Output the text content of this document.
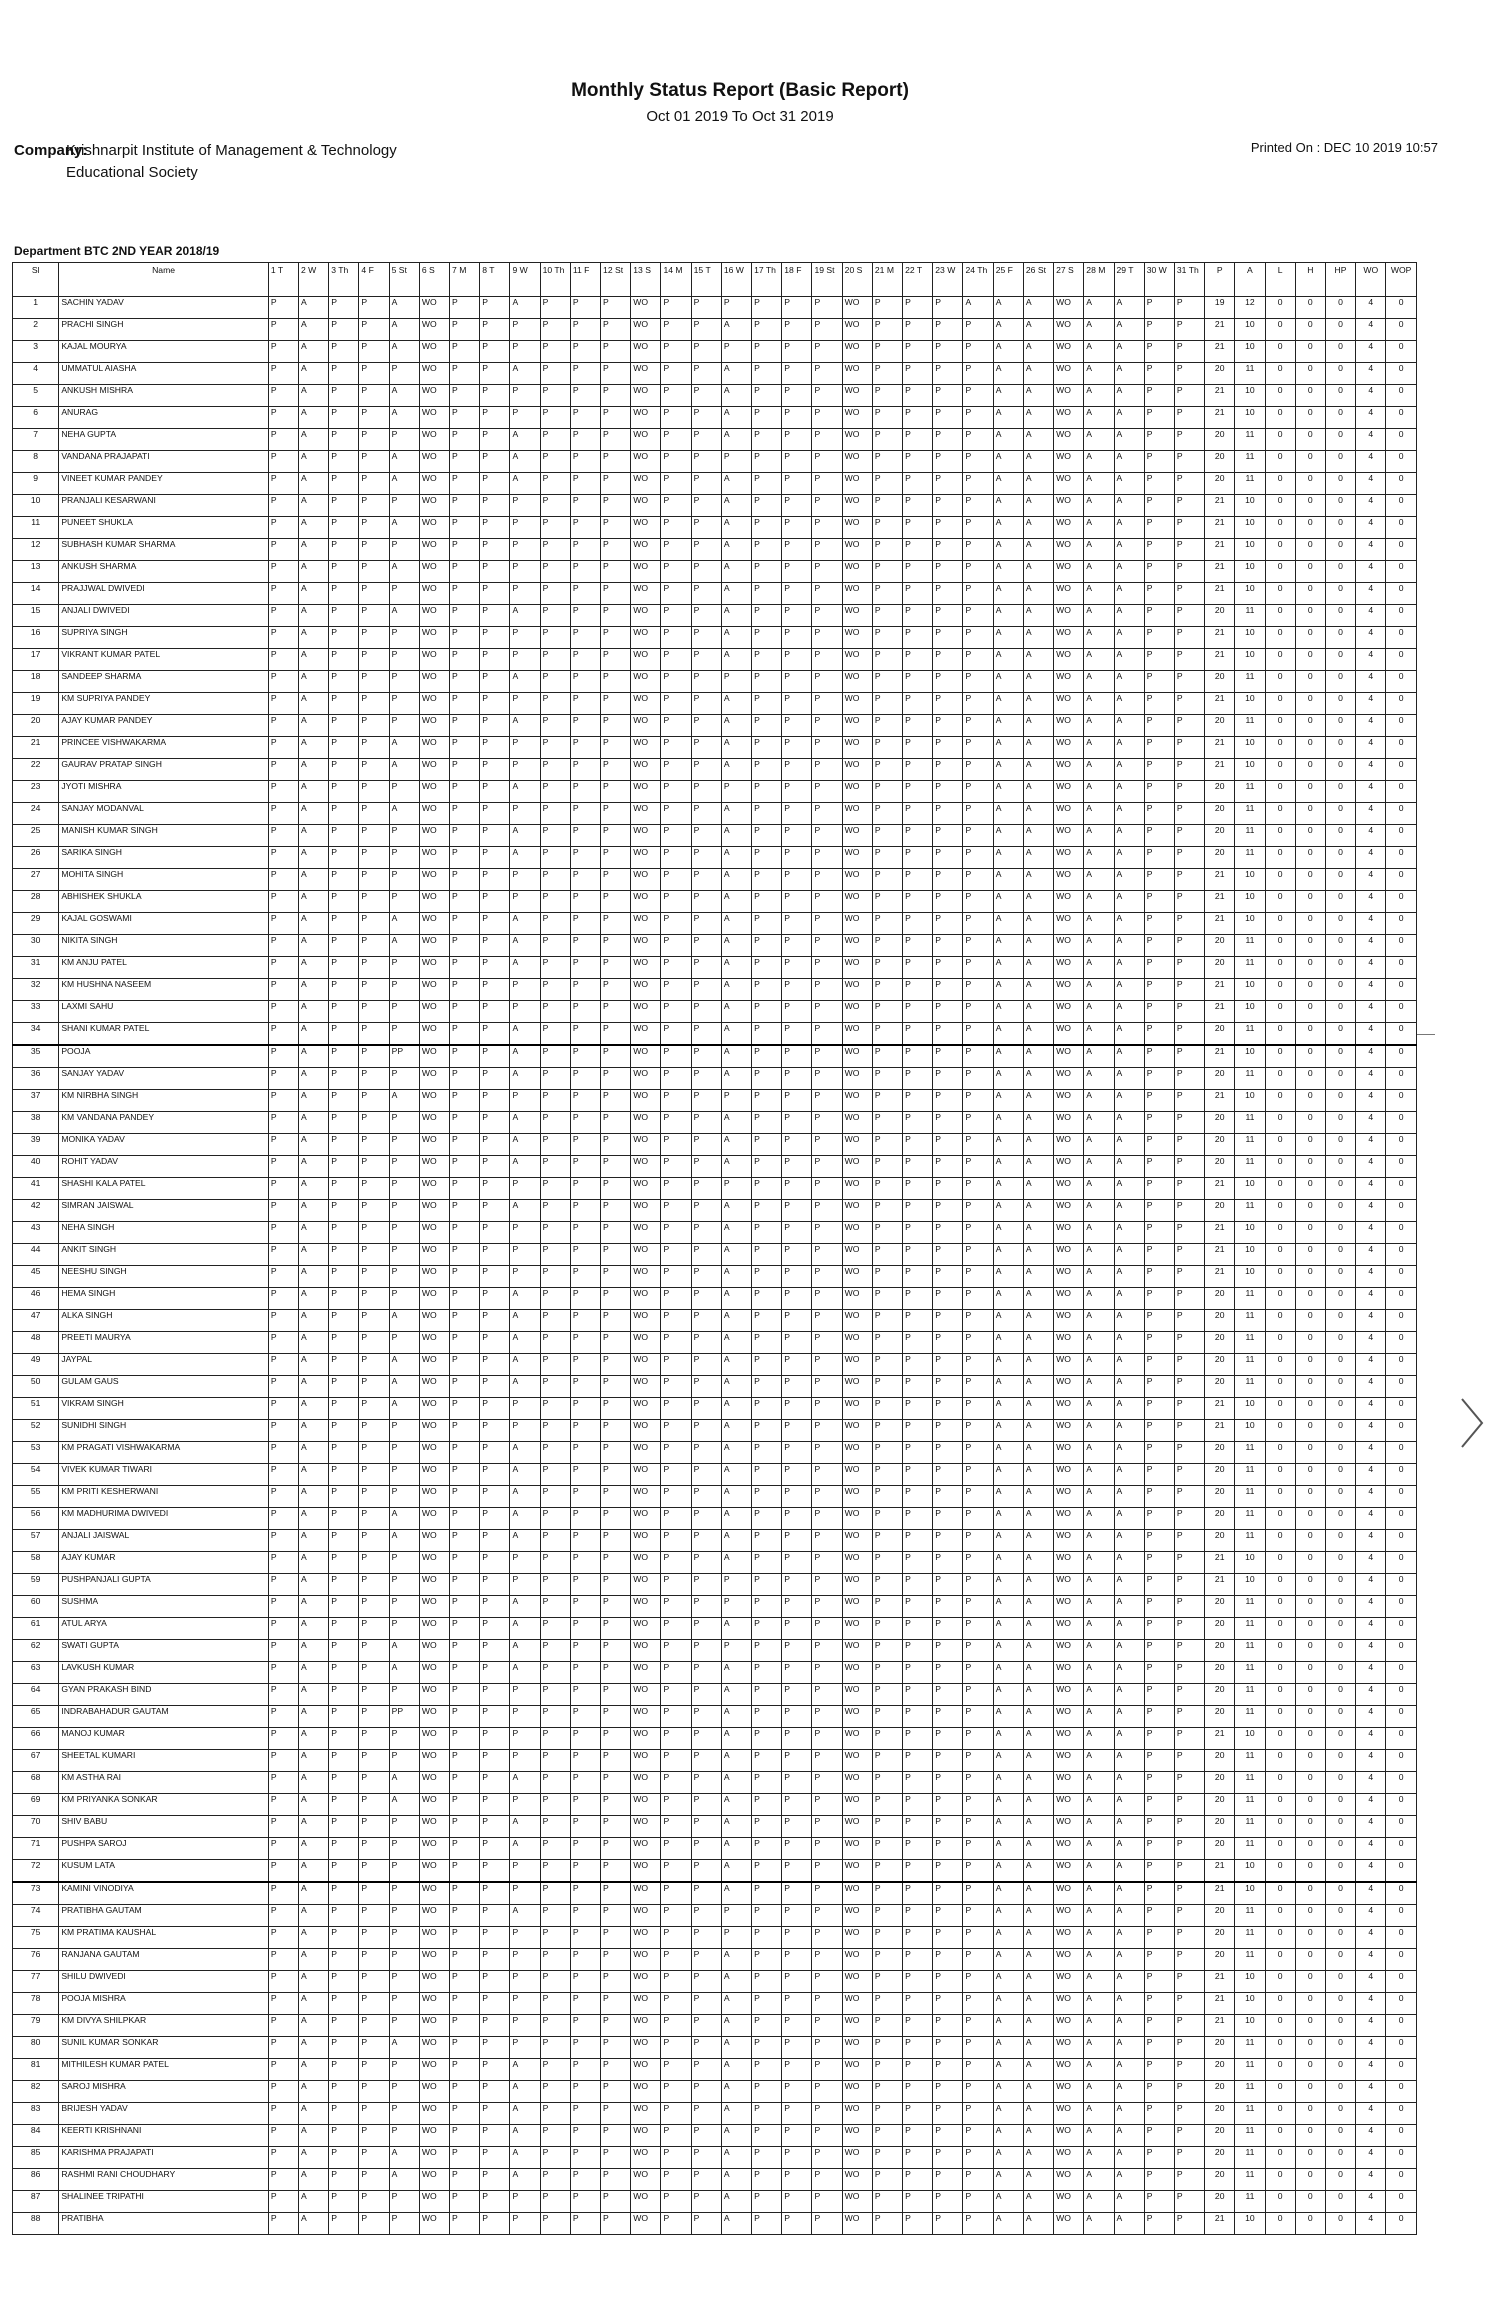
Monthly Status Report (Basic Report)
Oct 01 2019 To Oct 31 2019
Company:
Krishnarpit Institute of Management & Technology Educational Society
Printed On : DEC 10 2019 10:57
Department BTC 2ND YEAR 2018/19
Sl	Name	1 T	2 W	3 Th	4 F	5 St	6 S	7 M	8 T	9 W	10 Th	11 F	12 St	13 S	14 M	15 T	16 W	17 Th	18 F	19 St	20 S	21 M	22 T	23 W	24 Th	25 F	26 St	27 S	28 M	29 T	30 W	31 Th	P	A	L	H	HP	WO	WOP
1	SACHIN YADAV	P	A	P	P	A	WO	P	P	A	P	P	P	WO	P	P	P	P	P	P	WO	P	P	P	A	A	A	WO	A	A	P	P	19	12	0	0	0	4	0
2	PRACHI SINGH	P	A	P	P	A	WO	P	P	P	P	P	P	WO	P	P	A	P	P	P	WO	P	P	P	P	A	A	WO	A	A	P	P	21	10	0	0	0	4	0
3	KAJAL MOURYA	P	A	P	P	A	WO	P	P	P	P	P	P	WO	P	P	P	P	P	P	WO	P	P	P	P	A	A	WO	A	A	P	P	21	10	0	0	0	4	0
4	UMMATUL AIASHA	P	A	P	P	P	WO	P	P	A	P	P	P	WO	P	P	A	P	P	P	WO	P	P	P	P	A	A	WO	A	A	P	P	20	11	0	0	0	4	0
5	ANKUSH MISHRA	P	A	P	P	A	WO	P	P	P	P	P	P	WO	P	P	A	P	P	P	WO	P	P	P	P	A	A	WO	A	A	P	P	21	10	0	0	0	4	0
6	ANURAG	P	A	P	P	A	WO	P	P	P	P	P	P	WO	P	P	A	P	P	P	WO	P	P	P	P	A	A	WO	A	A	P	P	21	10	0	0	0	4	0
7	NEHA GUPTA	P	A	P	P	P	WO	P	P	A	P	P	P	WO	P	P	A	P	P	P	WO	P	P	P	P	A	A	WO	A	A	P	P	20	11	0	0	0	4	0
8	VANDANA PRAJAPATI	P	A	P	P	A	WO	P	P	A	P	P	P	WO	P	P	P	P	P	P	WO	P	P	P	P	A	A	WO	A	A	P	P	20	11	0	0	0	4	0
9	VINEET KUMAR PANDEY	P	A	P	P	A	WO	P	P	A	P	P	P	WO	P	P	A	P	P	P	WO	P	P	P	P	A	A	WO	A	A	P	P	20	11	0	0	0	4	0
10	PRANJALI KESARWANI	P	A	P	P	P	WO	P	P	P	P	P	P	WO	P	P	A	P	P	P	WO	P	P	P	P	A	A	WO	A	A	P	P	21	10	0	0	0	4	0
11	PUNEET SHUKLA	P	A	P	P	A	WO	P	P	P	P	P	P	WO	P	P	A	P	P	P	WO	P	P	P	P	A	A	WO	A	A	P	P	21	10	0	0	0	4	0
12	SUBHASH KUMAR SHARMA	P	A	P	P	P	WO	P	P	P	P	P	P	WO	P	P	A	P	P	P	WO	P	P	P	P	A	A	WO	A	A	P	P	21	10	0	0	0	4	0
13	ANKUSH SHARMA	P	A	P	P	A	WO	P	P	P	P	P	P	WO	P	P	A	P	P	P	WO	P	P	P	P	A	A	WO	A	A	P	P	21	10	0	0	0	4	0
14	PRAJJWAL DWIVEDI	P	A	P	P	P	WO	P	P	P	P	P	P	WO	P	P	A	P	P	P	WO	P	P	P	P	A	A	WO	A	A	P	P	21	10	0	0	0	4	0
15	ANJALI DWIVEDI	P	A	P	P	A	WO	P	P	A	P	P	P	WO	P	P	A	P	P	P	WO	P	P	P	P	A	A	WO	A	A	P	P	20	11	0	0	0	4	0
16	SUPRIYA SINGH	P	A	P	P	P	WO	P	P	P	P	P	P	WO	P	P	A	P	P	P	WO	P	P	P	P	A	A	WO	A	A	P	P	21	10	0	0	0	4	0
17	VIKRANT KUMAR PATEL	P	A	P	P	P	WO	P	P	P	P	P	P	WO	P	P	A	P	P	P	WO	P	P	P	P	A	A	WO	A	A	P	P	21	10	0	0	0	4	0
18	SANDEEP SHARMA	P	A	P	P	P	WO	P	P	A	P	P	P	WO	P	P	P	P	P	P	WO	P	P	P	P	A	A	WO	A	A	P	P	20	11	0	0	0	4	0
19	KM SUPRIYA PANDEY	P	A	P	P	P	WO	P	P	P	P	P	P	WO	P	P	A	P	P	P	WO	P	P	P	P	A	A	WO	A	A	P	P	21	10	0	0	0	4	0
20	AJAY KUMAR PANDEY	P	A	P	P	P	WO	P	P	A	P	P	P	WO	P	P	A	P	P	P	WO	P	P	P	P	A	A	WO	A	A	P	P	20	11	0	0	0	4	0
21	PRINCEE VISHWAKARMA	P	A	P	P	A	WO	P	P	P	P	P	P	WO	P	P	A	P	P	P	WO	P	P	P	P	A	A	WO	A	A	P	P	21	10	0	0	0	4	0
22	GAURAV PRATAP SINGH	P	A	P	P	A	WO	P	P	P	P	P	P	WO	P	P	A	P	P	P	WO	P	P	P	P	A	A	WO	A	A	P	P	21	10	0	0	0	4	0
23	JYOTI MISHRA	P	A	P	P	P	WO	P	P	A	P	P	P	WO	P	P	P	P	P	P	WO	P	P	P	P	A	A	WO	A	A	P	P	20	11	0	0	0	4	0
24	SANJAY MODANVAL	P	A	P	P	A	WO	P	P	P	P	P	P	WO	P	P	A	P	P	P	WO	P	P	P	P	A	A	WO	A	A	P	P	20	11	0	0	0	4	0
25	MANISH KUMAR SINGH	P	A	P	P	P	WO	P	P	A	P	P	P	WO	P	P	A	P	P	P	WO	P	P	P	P	A	A	WO	A	A	P	P	20	11	0	0	0	4	0
26	SARIKA SINGH	P	A	P	P	P	WO	P	P	A	P	P	P	WO	P	P	A	P	P	P	WO	P	P	P	P	A	A	WO	A	A	P	P	20	11	0	0	0	4	0
27	MOHITA SINGH	P	A	P	P	P	WO	P	P	P	P	P	P	WO	P	P	A	P	P	P	WO	P	P	P	P	A	A	WO	A	A	P	P	21	10	0	0	0	4	0
28	ABHISHEK SHUKLA	P	A	P	P	P	WO	P	P	P	P	P	P	WO	P	P	A	P	P	P	WO	P	P	P	P	A	A	WO	A	A	P	P	21	10	0	0	0	4	0
29	KAJAL GOSWAMI	P	A	P	P	A	WO	P	P	A	P	P	P	WO	P	P	A	P	P	P	WO	P	P	P	P	A	A	WO	A	A	P	P	21	10	0	0	0	4	0
30	NIKITA SINGH	P	A	P	P	A	WO	P	P	A	P	P	P	WO	P	P	A	P	P	P	WO	P	P	P	P	A	A	WO	A	A	P	P	20	11	0	0	0	4	0
31	KM ANJU PATEL	P	A	P	P	P	WO	P	P	A	P	P	P	WO	P	P	A	P	P	P	WO	P	P	P	P	A	A	WO	A	A	P	P	20	11	0	0	0	4	0
32	KM HUSHNA NASEEM	P	A	P	P	P	WO	P	P	P	P	P	P	WO	P	P	A	P	P	P	WO	P	P	P	P	A	A	WO	A	A	P	P	21	10	0	0	0	4	0
33	LAXMI SAHU	P	A	P	P	P	WO	P	P	P	P	P	P	WO	P	P	A	P	P	P	WO	P	P	P	P	A	A	WO	A	A	P	P	21	10	0	0	0	4	0
34	SHANI KUMAR PATEL	P	A	P	P	P	WO	P	P	A	P	P	P	WO	P	P	A	P	P	P	WO	P	P	P	P	A	A	WO	A	A	P	P	20	11	0	0	0	4	0
35	POOJA	P	A	P	P	PP	WO	P	P	A	P	P	P	WO	P	P	A	P	P	P	WO	P	P	P	P	A	A	WO	A	A	P	P	21	10	0	0	0	4	0
36	SANJAY YADAV	P	A	P	P	P	WO	P	P	A	P	P	P	WO	P	P	A	P	P	P	WO	P	P	P	P	A	A	WO	A	A	P	P	20	11	0	0	0	4	0
37	KM NIRBHA SINGH	P	A	P	P	A	WO	P	P	P	P	P	P	WO	P	P	P	P	P	P	WO	P	P	P	P	A	A	WO	A	A	P	P	21	10	0	0	0	4	0
38	KM VANDANA PANDEY	P	A	P	P	P	WO	P	P	A	P	P	P	WO	P	P	A	P	P	P	WO	P	P	P	P	A	A	WO	A	A	P	P	20	11	0	0	0	4	0
39	MONIKA YADAV	P	A	P	P	P	WO	P	P	A	P	P	P	WO	P	P	A	P	P	P	WO	P	P	P	P	A	A	WO	A	A	P	P	20	11	0	0	0	4	0
40	ROHIT YADAV	P	A	P	P	P	WO	P	P	A	P	P	P	WO	P	P	A	P	P	P	WO	P	P	P	P	A	A	WO	A	A	P	P	20	11	0	0	0	4	0
41	SHASHI KALA PATEL	P	A	P	P	P	WO	P	P	P	P	P	P	WO	P	P	P	P	P	P	WO	P	P	P	P	A	A	WO	A	A	P	P	21	10	0	0	0	4	0
42	SIMRAN JAISWAL	P	A	P	P	P	WO	P	P	A	P	P	P	WO	P	P	A	P	P	P	WO	P	P	P	P	A	A	WO	A	A	P	P	20	11	0	0	0	4	0
43	NEHA SINGH	P	A	P	P	P	WO	P	P	P	P	P	P	WO	P	P	A	P	P	P	WO	P	P	P	P	A	A	WO	A	A	P	P	21	10	0	0	0	4	0
44	ANKIT SINGH	P	A	P	P	P	WO	P	P	P	P	P	P	WO	P	P	A	P	P	P	WO	P	P	P	P	A	A	WO	A	A	P	P	21	10	0	0	0	4	0
45	NEESHU SINGH	P	A	P	P	P	WO	P	P	P	P	P	P	WO	P	P	A	P	P	P	WO	P	P	P	P	A	A	WO	A	A	P	P	21	10	0	0	0	4	0
46	HEMA SINGH	P	A	P	P	P	WO	P	P	A	P	P	P	WO	P	P	A	P	P	P	WO	P	P	P	P	A	A	WO	A	A	P	P	20	11	0	0	0	4	0
47	ALKA SINGH	P	A	P	P	A	WO	P	P	A	P	P	P	WO	P	P	A	P	P	P	WO	P	P	P	P	A	A	WO	A	A	P	P	20	11	0	0	0	4	0
48	PREETI MAURYA	P	A	P	P	P	WO	P	P	A	P	P	P	WO	P	P	A	P	P	P	WO	P	P	P	P	A	A	WO	A	A	P	P	20	11	0	0	0	4	0
49	JAYPAL	P	A	P	P	A	WO	P	P	A	P	P	P	WO	P	P	A	P	P	P	WO	P	P	P	P	A	A	WO	A	A	P	P	20	11	0	0	0	4	0
50	GULAM GAUS	P	A	P	P	A	WO	P	P	A	P	P	P	WO	P	P	A	P	P	P	WO	P	P	P	P	A	A	WO	A	A	P	P	20	11	0	0	0	4	0
51	VIKRAM SINGH	P	A	P	P	A	WO	P	P	P	P	P	P	WO	P	P	A	P	P	P	WO	P	P	P	P	A	A	WO	A	A	P	P	21	10	0	0	0	4	0
52	SUNIDHI SINGH	P	A	P	P	P	WO	P	P	P	P	P	P	WO	P	P	A	P	P	P	WO	P	P	P	P	A	A	WO	A	A	P	P	21	10	0	0	0	4	0
53	KM PRAGATI VISHWAKARMA	P	A	P	P	P	WO	P	P	A	P	P	P	WO	P	P	A	P	P	P	WO	P	P	P	P	A	A	WO	A	A	P	P	20	11	0	0	0	4	0
54	VIVEK KUMAR TIWARI	P	A	P	P	P	WO	P	P	A	P	P	P	WO	P	P	A	P	P	P	WO	P	P	P	P	A	A	WO	A	A	P	P	20	11	0	0	0	4	0
55	KM PRITI KESHERWANI	P	A	P	P	P	WO	P	P	A	P	P	P	WO	P	P	A	P	P	P	WO	P	P	P	P	A	A	WO	A	A	P	P	20	11	0	0	0	4	0
56	KM MADHURIMA DWIVEDI	P	A	P	P	A	WO	P	P	A	P	P	P	WO	P	P	A	P	P	P	WO	P	P	P	P	A	A	WO	A	A	P	P	20	11	0	0	0	4	0
57	ANJALI JAISWAL	P	A	P	P	A	WO	P	P	A	P	P	P	WO	P	P	A	P	P	P	WO	P	P	P	P	A	A	WO	A	A	P	P	20	11	0	0	0	4	0
58	AJAY KUMAR	P	A	P	P	P	WO	P	P	P	P	P	P	WO	P	P	A	P	P	P	WO	P	P	P	P	A	A	WO	A	A	P	P	21	10	0	0	0	4	0
59	PUSHPANJALI GUPTA	P	A	P	P	P	WO	P	P	P	P	P	P	WO	P	P	P	P	P	P	WO	P	P	P	P	A	A	WO	A	A	P	P	21	10	0	0	0	4	0
60	SUSHMA	P	A	P	P	P	WO	P	P	A	P	P	P	WO	P	P	P	P	P	P	WO	P	P	P	P	A	A	WO	A	A	P	P	20	11	0	0	0	4	0
61	ATUL ARYA	P	A	P	P	P	WO	P	P	A	P	P	P	WO	P	P	A	P	P	P	WO	P	P	P	P	A	A	WO	A	A	P	P	20	11	0	0	0	4	0
62	SWATI GUPTA	P	A	P	P	A	WO	P	P	A	P	P	P	WO	P	P	P	P	P	P	WO	P	P	P	P	A	A	WO	A	A	P	P	20	11	0	0	0	4	0
63	LAVKUSH KUMAR	P	A	P	P	A	WO	P	P	A	P	P	P	WO	P	P	A	P	P	P	WO	P	P	P	P	A	A	WO	A	A	P	P	20	11	0	0	0	4	0
64	GYAN PRAKASH BIND	P	A	P	P	P	WO	P	P	P	P	P	P	WO	P	P	A	P	P	P	WO	P	P	P	P	A	A	WO	A	A	P	P	20	11	0	0	0	4	0
65	INDRABAHADUR GAUTAM	P	A	P	P	PP	WO	P	P	P	P	P	P	WO	P	P	A	P	P	P	WO	P	P	P	P	A	A	WO	A	A	P	P	20	11	0	0	0	4	0
66	MANOJ KUMAR	P	A	P	P	P	WO	P	P	P	P	P	P	WO	P	P	A	P	P	P	WO	P	P	P	P	A	A	WO	A	A	P	P	21	10	0	0	0	4	0
67	SHEETAL KUMARI	P	A	P	P	P	WO	P	P	P	P	P	P	WO	P	P	A	P	P	P	WO	P	P	P	P	A	A	WO	A	A	P	P	20	11	0	0	0	4	0
68	KM ASTHA RAI	P	A	P	P	A	WO	P	P	A	P	P	P	WO	P	P	A	P	P	P	WO	P	P	P	P	A	A	WO	A	A	P	P	20	11	0	0	0	4	0
69	KM PRIYANKA SONKAR	P	A	P	P	A	WO	P	P	P	P	P	P	WO	P	P	A	P	P	P	WO	P	P	P	P	A	A	WO	A	A	P	P	20	11	0	0	0	4	0
70	SHIV BABU	P	A	P	P	P	WO	P	P	A	P	P	P	WO	P	P	A	P	P	P	WO	P	P	P	P	A	A	WO	A	A	P	P	20	11	0	0	0	4	0
71	PUSHPA SAROJ	P	A	P	P	P	WO	P	P	A	P	P	P	WO	P	P	A	P	P	P	WO	P	P	P	P	A	A	WO	A	A	P	P	20	11	0	0	0	4	0
72	KUSUM LATA	P	A	P	P	P	WO	P	P	P	P	P	P	WO	P	P	A	P	P	P	WO	P	P	P	P	A	A	WO	A	A	P	P	21	10	0	0	0	4	0
73	KAMINI VINODIYA	P	A	P	P	P	WO	P	P	P	P	P	P	WO	P	P	A	P	P	P	WO	P	P	P	P	A	A	WO	A	A	P	P	21	10	0	0	0	4	0
74	PRATIBHA GAUTAM	P	A	P	P	P	WO	P	P	A	P	P	P	WO	P	P	P	P	P	P	WO	P	P	P	P	A	A	WO	A	A	P	P	20	11	0	0	0	4	0
75	KM PRATIMA KAUSHAL	P	A	P	P	P	WO	P	P	P	P	P	P	WO	P	P	P	P	P	P	WO	P	P	P	P	A	A	WO	A	A	P	P	20	11	0	0	0	4	0
76	RANJANA GAUTAM	P	A	P	P	P	WO	P	P	P	P	P	P	WO	P	P	A	P	P	P	WO	P	P	P	P	A	A	WO	A	A	P	P	20	11	0	0	0	4	0
77	SHILU DWIVEDI	P	A	P	P	P	WO	P	P	P	P	P	P	WO	P	P	A	P	P	P	WO	P	P	P	P	A	A	WO	A	A	P	P	21	10	0	0	0	4	0
78	POOJA MISHRA	P	A	P	P	P	WO	P	P	P	P	P	P	WO	P	P	A	P	P	P	WO	P	P	P	P	A	A	WO	A	A	P	P	21	10	0	0	0	4	0
79	KM DIVYA SHILPKAR	P	A	P	P	P	WO	P	P	P	P	P	P	WO	P	P	A	P	P	P	WO	P	P	P	P	A	A	WO	A	A	P	P	21	10	0	0	0	4	0
80	SUNIL KUMAR SONKAR	P	A	P	P	A	WO	P	P	P	P	P	P	WO	P	P	A	P	P	P	WO	P	P	P	P	A	A	WO	A	A	P	P	20	11	0	0	0	4	0
81	MITHILESH KUMAR PATEL	P	A	P	P	P	WO	P	P	A	P	P	P	WO	P	P	A	P	P	P	WO	P	P	P	P	A	A	WO	A	A	P	P	20	11	0	0	0	4	0
82	SAROJ MISHRA	P	A	P	P	P	WO	P	P	A	P	P	P	WO	P	P	A	P	P	P	WO	P	P	P	P	A	A	WO	A	A	P	P	20	11	0	0	0	4	0
83	BRIJESH YADAV	P	A	P	P	P	WO	P	P	A	P	P	P	WO	P	P	A	P	P	P	WO	P	P	P	P	A	A	WO	A	A	P	P	20	11	0	0	0	4	0
84	KEERTI KRISHNANI	P	A	P	P	P	WO	P	P	A	P	P	P	WO	P	P	A	P	P	P	WO	P	P	P	P	A	A	WO	A	A	P	P	20	11	0	0	0	4	0
85	KARISHMA PRAJAPATI	P	A	P	P	A	WO	P	P	A	P	P	P	WO	P	P	A	P	P	P	WO	P	P	P	P	A	A	WO	A	A	P	P	20	11	0	0	0	4	0
86	RASHMI RANI CHOUDHARY	P	A	P	P	A	WO	P	P	A	P	P	P	WO	P	P	A	P	P	P	WO	P	P	P	P	A	A	WO	A	A	P	P	20	11	0	0	0	4	0
87	SHALINEE TRIPATHI	P	A	P	P	P	WO	P	P	P	P	P	P	WO	P	P	A	P	P	P	WO	P	P	P	P	A	A	WO	A	A	P	P	20	11	0	0	0	4	0
88	PRATIBHA	P	A	P	P	P	WO	P	P	P	P	P	P	WO	P	P	A	P	P	P	WO	P	P	P	P	A	A	WO	A	A	P	P	21	10	0	0	0	4	0
